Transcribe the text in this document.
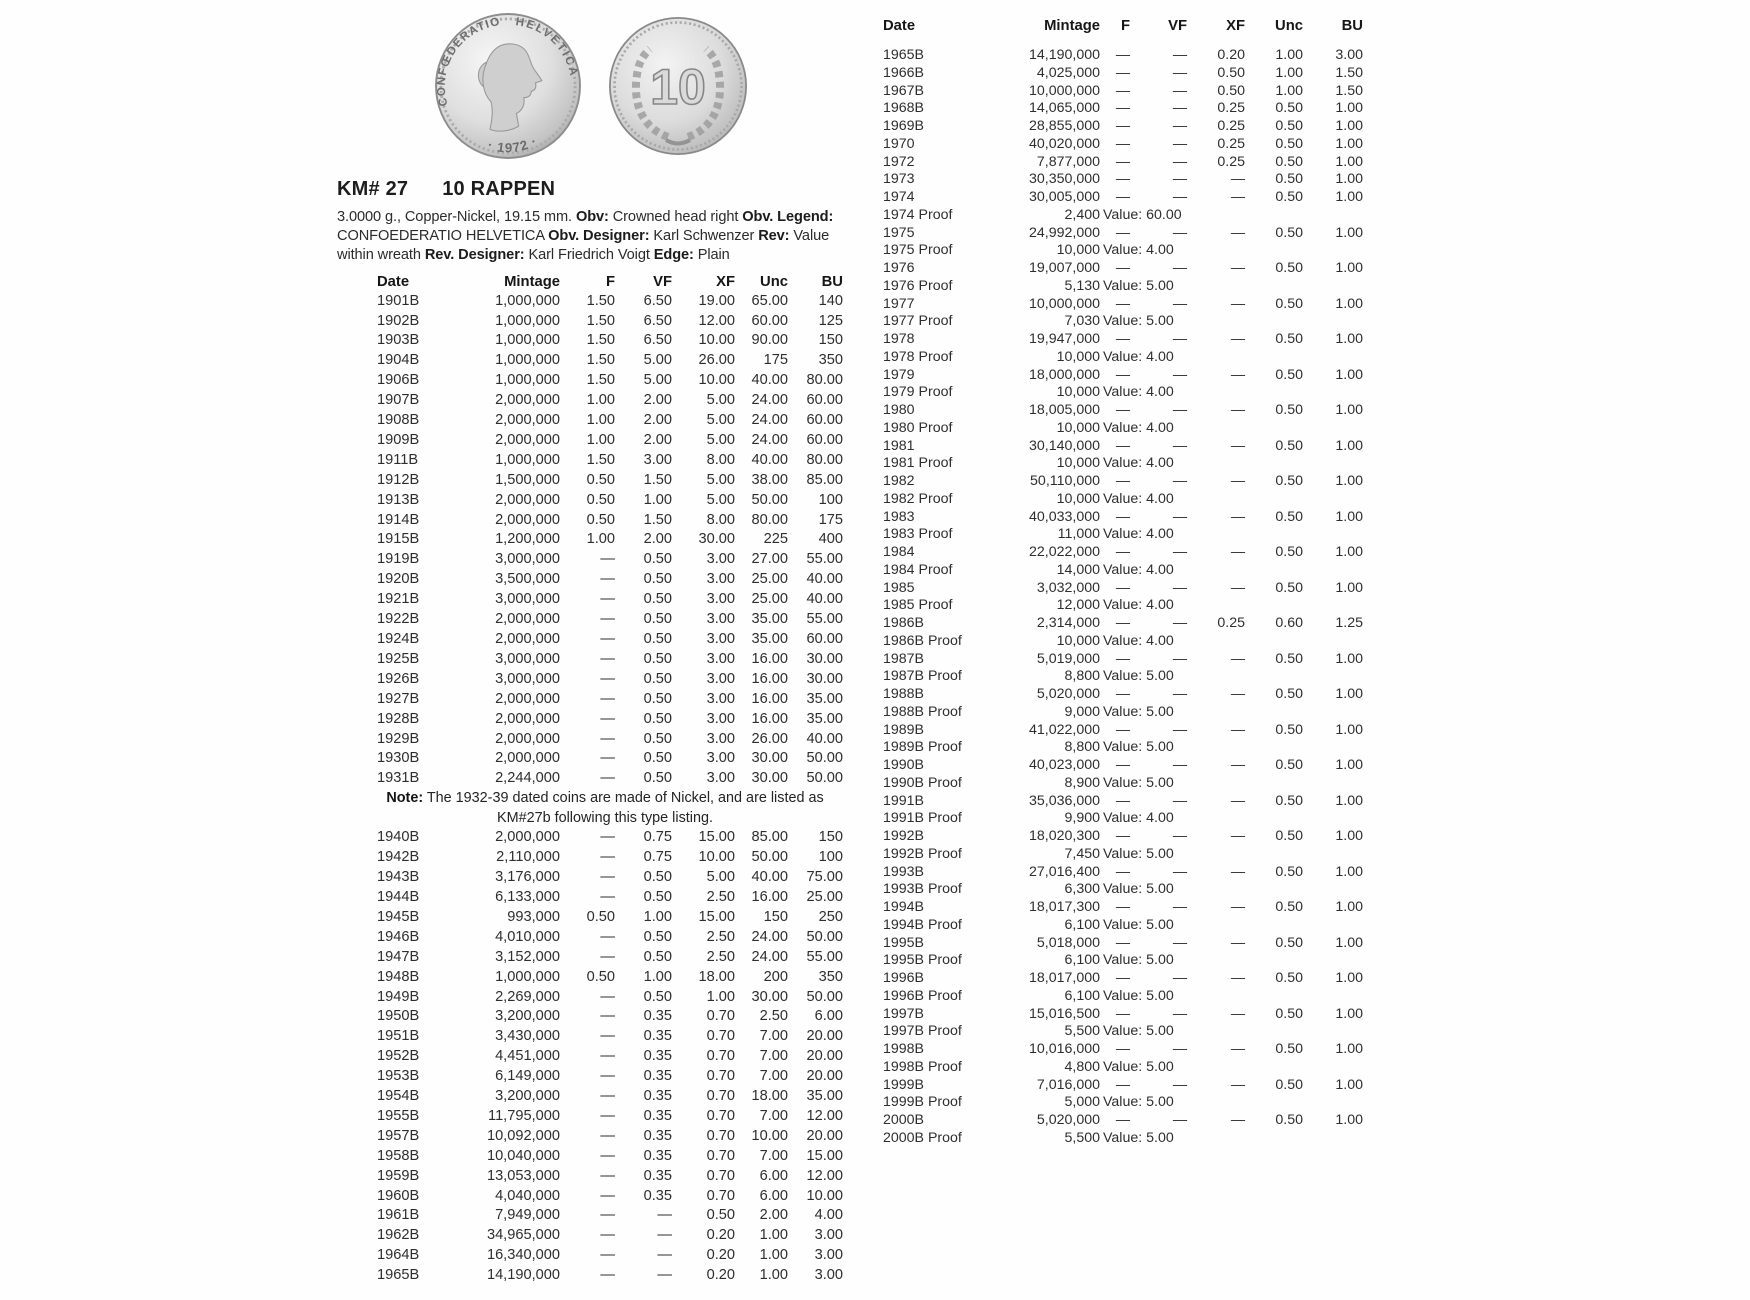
CONFŒDERATIO HELVETICA
· 1972 ·
10
KM# 27 10 RAPPEN
3.0000 g., Copper-Nickel, 19.15 mm. Obv: Crowned head right Obv. Legend: CONFOEDERATIO HELVETICA Obv. Designer: Karl Schwenzer Rev: Value within wreath Rev. Designer: Karl Friedrich Voigt Edge: Plain
Date	Mintage	F	VF	XF	Unc	BU
1901B	1,000,000	1.50	6.50	19.00	65.00	140
1902B	1,000,000	1.50	6.50	12.00	60.00	125
1903B	1,000,000	1.50	6.50	10.00	90.00	150
1904B	1,000,000	1.50	5.00	26.00	175	350
1906B	1,000,000	1.50	5.00	10.00	40.00	80.00
1907B	2,000,000	1.00	2.00	5.00	24.00	60.00
1908B	2,000,000	1.00	2.00	5.00	24.00	60.00
1909B	2,000,000	1.00	2.00	5.00	24.00	60.00
1911B	1,000,000	1.50	3.00	8.00	40.00	80.00
1912B	1,500,000	0.50	1.50	5.00	38.00	85.00
1913B	2,000,000	0.50	1.00	5.00	50.00	100
1914B	2,000,000	0.50	1.50	8.00	80.00	175
1915B	1,200,000	1.00	2.00	30.00	225	400
1919B	3,000,000	—	0.50	3.00	27.00	55.00
1920B	3,500,000	—	0.50	3.00	25.00	40.00
1921B	3,000,000	—	0.50	3.00	25.00	40.00
1922B	2,000,000	—	0.50	3.00	35.00	55.00
1924B	2,000,000	—	0.50	3.00	35.00	60.00
1925B	3,000,000	—	0.50	3.00	16.00	30.00
1926B	3,000,000	—	0.50	3.00	16.00	30.00
1927B	2,000,000	—	0.50	3.00	16.00	35.00
1928B	2,000,000	—	0.50	3.00	16.00	35.00
1929B	2,000,000	—	0.50	3.00	26.00	40.00
1930B	2,000,000	—	0.50	3.00	30.00	50.00
1931B	2,244,000	—	0.50	3.00	30.00	50.00
Note: The 1932-39 dated coins are made of Nickel, and are listed as KM#27b following this type listing.
1940B	2,000,000	—	0.75	15.00	85.00	150
1942B	2,110,000	—	0.75	10.00	50.00	100
1943B	3,176,000	—	0.50	5.00	40.00	75.00
1944B	6,133,000	—	0.50	2.50	16.00	25.00
1945B	993,000	0.50	1.00	15.00	150	250
1946B	4,010,000	—	0.50	2.50	24.00	50.00
1947B	3,152,000	—	0.50	2.50	24.00	55.00
1948B	1,000,000	0.50	1.00	18.00	200	350
1949B	2,269,000	—	0.50	1.00	30.00	50.00
1950B	3,200,000	—	0.35	0.70	2.50	6.00
1951B	3,430,000	—	0.35	0.70	7.00	20.00
1952B	4,451,000	—	0.35	0.70	7.00	20.00
1953B	6,149,000	—	0.35	0.70	7.00	20.00
1954B	3,200,000	—	0.35	0.70	18.00	35.00
1955B	11,795,000	—	0.35	0.70	7.00	12.00
1957B	10,092,000	—	0.35	0.70	10.00	20.00
1958B	10,040,000	—	0.35	0.70	7.00	15.00
1959B	13,053,000	—	0.35	0.70	6.00	12.00
1960B	4,040,000	—	0.35	0.70	6.00	10.00
1961B	7,949,000	—	—	0.50	2.00	4.00
1962B	34,965,000	—	—	0.20	1.00	3.00
1964B	16,340,000	—	—	0.20	1.00	3.00
1965B	14,190,000	—	—	0.20	1.00	3.00
Date	Mintage	F	VF	XF	Unc	BU
1965B	14,190,000	—	—	0.20	1.00	3.00
1966B	4,025,000	—	—	0.50	1.00	1.50
1967B	10,000,000	—	—	0.50	1.00	1.50
1968B	14,065,000	—	—	0.25	0.50	1.00
1969B	28,855,000	—	—	0.25	0.50	1.00
1970	40,020,000	—	—	0.25	0.50	1.00
1972	7,877,000	—	—	0.25	0.50	1.00
1973	30,350,000	—	—	—	0.50	1.00
1974	30,005,000	—	—	—	0.50	1.00
1974 Proof	2,400 Value: 60.00
1975	24,992,000	—	—	—	0.50	1.00
1975 Proof	10,000 Value: 4.00
1976	19,007,000	—	—	—	0.50	1.00
1976 Proof	5,130 Value: 5.00
1977	10,000,000	—	—	—	0.50	1.00
1977 Proof	7,030 Value: 5.00
1978	19,947,000	—	—	—	0.50	1.00
1978 Proof	10,000 Value: 4.00
1979	18,000,000	—	—	—	0.50	1.00
1979 Proof	10,000 Value: 4.00
1980	18,005,000	—	—	—	0.50	1.00
1980 Proof	10,000 Value: 4.00
1981	30,140,000	—	—	—	0.50	1.00
1981 Proof	10,000 Value: 4.00
1982	50,110,000	—	—	—	0.50	1.00
1982 Proof	10,000 Value: 4.00
1983	40,033,000	—	—	—	0.50	1.00
1983 Proof	11,000 Value: 4.00
1984	22,022,000	—	—	—	0.50	1.00
1984 Proof	14,000 Value: 4.00
1985	3,032,000	—	—	—	0.50	1.00
1985 Proof	12,000 Value: 4.00
1986B	2,314,000	—	—	0.25	0.60	1.25
1986B Proof	10,000 Value: 4.00
1987B	5,019,000	—	—	—	0.50	1.00
1987B Proof	8,800 Value: 5.00
1988B	5,020,000	—	—	—	0.50	1.00
1988B Proof	9,000 Value: 5.00
1989B	41,022,000	—	—	—	0.50	1.00
1989B Proof	8,800 Value: 5.00
1990B	40,023,000	—	—	—	0.50	1.00
1990B Proof	8,900 Value: 5.00
1991B	35,036,000	—	—	—	0.50	1.00
1991B Proof	9,900 Value: 4.00
1992B	18,020,300	—	—	—	0.50	1.00
1992B Proof	7,450 Value: 5.00
1993B	27,016,400	—	—	—	0.50	1.00
1993B Proof	6,300 Value: 5.00
1994B	18,017,300	—	—	—	0.50	1.00
1994B Proof	6,100 Value: 5.00
1995B	5,018,000	—	—	—	0.50	1.00
1995B Proof	6,100 Value: 5.00
1996B	18,017,000	—	—	—	0.50	1.00
1996B Proof	6,100 Value: 5.00
1997B	15,016,500	—	—	—	0.50	1.00
1997B Proof	5,500 Value: 5.00
1998B	10,016,000	—	—	—	0.50	1.00
1998B Proof	4,800 Value: 5.00
1999B	7,016,000	—	—	—	0.50	1.00
1999B Proof	5,000 Value: 5.00
2000B	5,020,000	—	—	—	0.50	1.00
2000B Proof	5,500 Value: 5.00
